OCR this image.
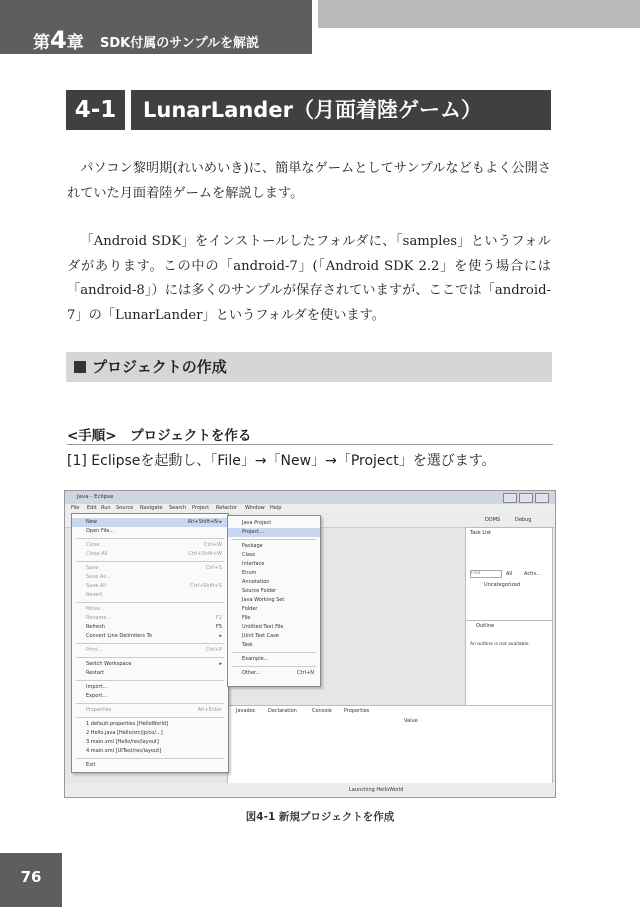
第4章 SDK付属のサンプルを解説
4-1	LunarLander（月面着陸ゲーム）
パソコン黎明期(れいめいき)に、簡単なゲームとしてサンプルなどもよく公開されていた月面着陸ゲームを解説します。
「Android SDK」をインストールしたフォルダに、「samples」というフォルダがあります。この中の「android-7」(「Android SDK 2.2」を使う場合には「android-8」）には多くのサンプルが保存されていますが、ここでは「android-7」の「LunarLander」というフォルダを使います。
プロジェクトの作成
<手順>　プロジェクトを作る
[1] Eclipseを起動し、「File」→「New」→「Project」を選びます。
Java - Eclipse
File Edit Run Source Navigate Search Project Refactor Window Help
DDMS	Debug
Task List
Find	All Activ...
Uncategorized
Outline
An outline is not available.
Javadoc Declaration	Console Properties
Value
New	Alt+Shift+N ▸
Open File...
Close	Ctrl+W
Close All	Ctrl+Shift+W
Save	Ctrl+S
Save As...
Save All	Ctrl+Shift+S
Revert
Move...
Rename...	F2
Refresh	F5
Convert Line Delimiters To	▸
Print...	Ctrl+P
Switch Workspace	▸
Restart
Import...
Export...
Properties	Alt+Enter
1 default.properties [HelloWorld]
2 Hello.java [Hello/src/jp/co/...]
3 main.xml [Hello/res/layout]
4 main.xml [UITest/res/layout]
Exit
Java Project
Project...
Package
Class
Interface
Enum
Annotation
Source Folder
Java Working Set
Folder
File
Untitled Text File
JUnit Test Case
Task
Example...
Other...	Ctrl+N
Launching HelloWorld
図4-1 新規プロジェクトを作成
76
